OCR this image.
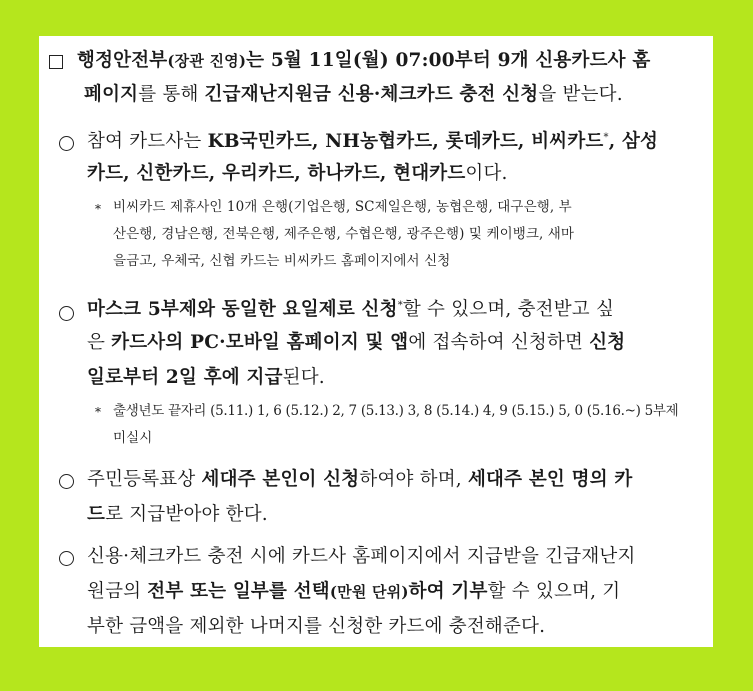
행정안전부(장관 진영)는 5월 11일(월) 07:00부터 9개 신용카드사 홈
페이지를 통해 긴급재난지원금 신용·체크카드 충전 신청을 받는다.
참여 카드사는 KB국민카드, NH농협카드, 롯데카드, 비씨카드*, 삼성
카드, 신한카드, 우리카드, 하나카드, 현대카드이다.
* 비씨카드 제휴사인 10개 은행(기업은행, SC제일은행, 농협은행, 대구은행, 부
산은행, 경남은행, 전북은행, 제주은행, 수협은행, 광주은행) 및 케이뱅크, 새마
을금고, 우체국, 신협 카드는 비씨카드 홈페이지에서 신청
마스크 5부제와 동일한 요일제로 신청*할 수 있으며, 충전받고 싶
은 카드사의 PC·모바일 홈페이지 및 앱에 접속하여 신청하면 신청
일로부터 2일 후에 지급된다.
* 출생년도 끝자리 (5.11.) 1, 6 (5.12.) 2, 7 (5.13.) 3, 8 (5.14.) 4, 9 (5.15.) 5, 0 (5.16.~) 5부제
미실시
주민등록표상 세대주 본인이 신청하여야 하며, 세대주 본인 명의 카
드로 지급받아야 한다.
신용·체크카드 충전 시에 카드사 홈페이지에서 지급받을 긴급재난지
원금의 전부 또는 일부를 선택(만원 단위)하여 기부할 수 있으며, 기
부한 금액을 제외한 나머지를 신청한 카드에 충전해준다.
